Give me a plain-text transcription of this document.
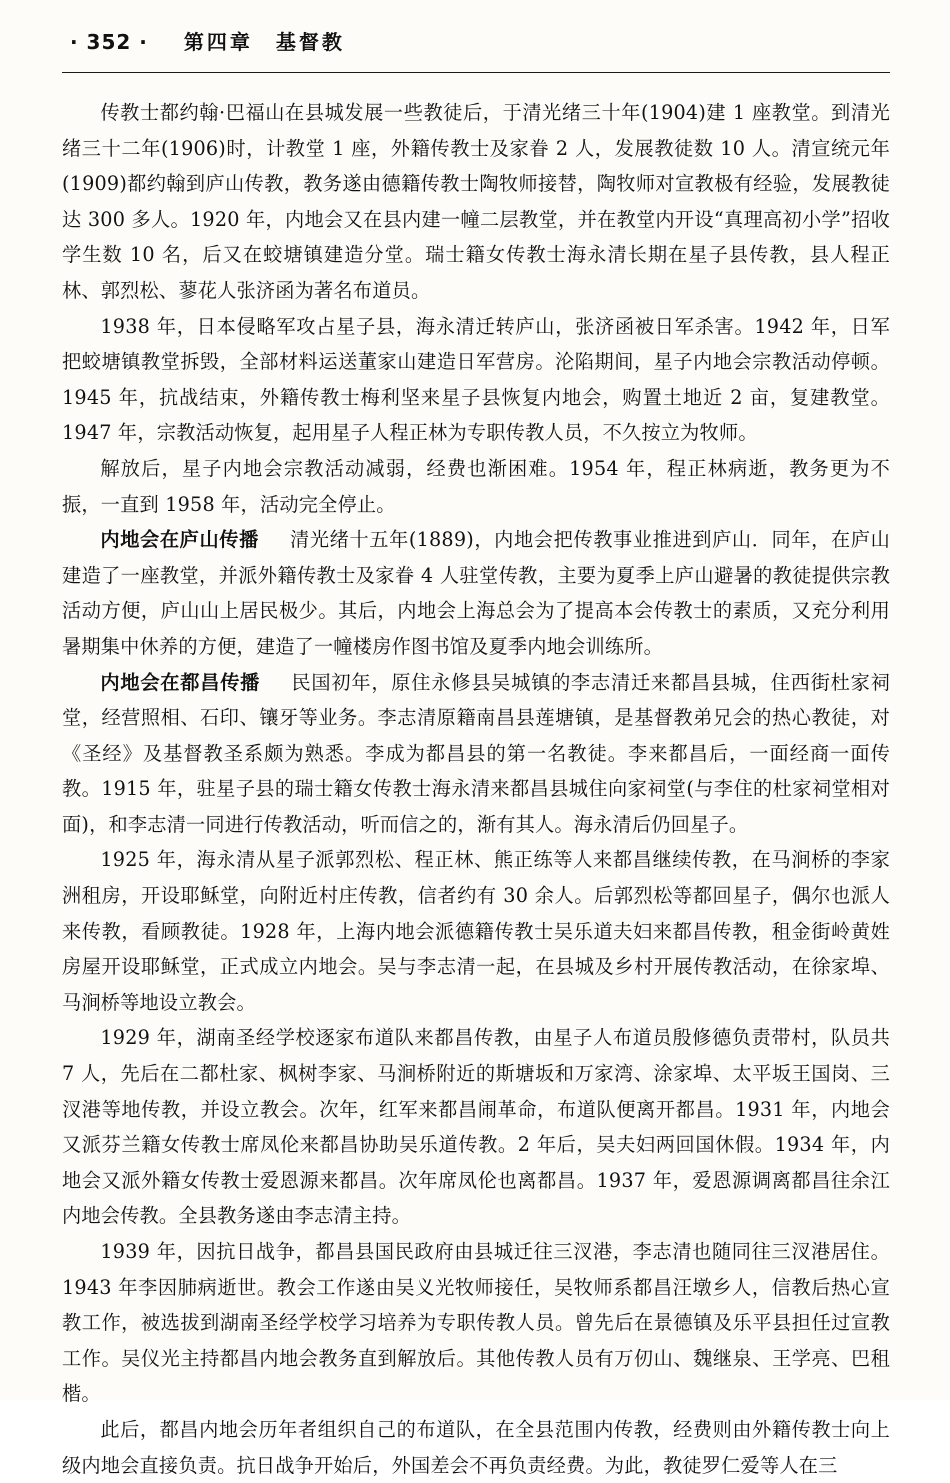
· 352 · 第四章　基督教

传教士都约翰·巴福山在县城发展一些教徒后，于清光绪三十年(1904)建 1 座教堂。到清光绪三十二年(1906)时，计教堂 1 座，外籍传教士及家眷 2 人，发展教徒数 10 人。清宣统元年(1909)都约翰到庐山传教，教务遂由德籍传教士陶牧师接替，陶牧师对宣教极有经验，发展教徒达 300 多人。1920 年，内地会又在县内建一幢二层教堂，并在教堂内开设“真理高初小学”招收学生数 10 名，后又在蛟塘镇建造分堂。瑞士籍女传教士海永清长期在星子县传教，县人程正林、郭烈松、蓼花人张济函为著名布道员。

1938 年，日本侵略军攻占星子县，海永清迁转庐山，张济函被日军杀害。1942 年，日军把蛟塘镇教堂拆毁，全部材料运送董家山建造日军营房。沦陷期间，星子内地会宗教活动停顿。1945 年，抗战结束，外籍传教士梅利坚来星子县恢复内地会，购置土地近 2 亩，复建教堂。1947 年，宗教活动恢复，起用星子人程正林为专职传教人员，不久按立为牧师。

解放后，星子内地会宗教活动减弱，经费也渐困难。1954 年，程正林病逝，教务更为不振，一直到 1958 年，活动完全停止。

内地会在庐山传播 清光绪十五年(1889)，内地会把传教事业推进到庐山．同年，在庐山建造了一座教堂，并派外籍传教士及家眷 4 人驻堂传教，主要为夏季上庐山避暑的教徒提供宗教活动方便，庐山山上居民极少。其后，内地会上海总会为了提高本会传教士的素质，又充分利用暑期集中休养的方便，建造了一幢楼房作图书馆及夏季内地会训练所。

内地会在都昌传播 民国初年，原住永修县吴城镇的李志清迁来都昌县城，住西街杜家祠堂，经营照相、石印、镶牙等业务。李志清原籍南昌县莲塘镇，是基督教弟兄会的热心教徒，对《圣经》及基督教圣系颇为熟悉。李成为都昌县的第一名教徒。李来都昌后，一面经商一面传教。1915 年，驻星子县的瑞士籍女传教士海永清来都昌县城住向家祠堂(与李住的杜家祠堂相对面)，和李志清一同进行传教活动，听而信之的，渐有其人。海永清后仍回星子。

1925 年，海永清从星子派郭烈松、程正林、熊正练等人来都昌继续传教，在马涧桥的李家洲租房，开设耶稣堂，向附近村庄传教，信者约有 30 余人。后郭烈松等都回星子，偶尔也派人来传教，看顾教徒。1928 年，上海内地会派德籍传教士吴乐道夫妇来都昌传教，租金街岭黄姓房屋开设耶稣堂，正式成立内地会。吴与李志清一起，在县城及乡村开展传教活动，在徐家埠、马涧桥等地设立教会。

1929 年，湖南圣经学校逐家布道队来都昌传教，由星子人布道员殷修德负责带村，队员共 7 人，先后在二都杜家、枫树李家、马涧桥附近的斯塘坂和万家湾、涂家埠、太平坂王国岗、三汊港等地传教，并设立教会。次年，红军来都昌闹革命，布道队便离开都昌。1931 年，内地会又派芬兰籍女传教士席凤伦来都昌协助吴乐道传教。2 年后，吴夫妇两回国休假。1934 年，内地会又派外籍女传教士爱恩源来都昌。次年席凤伦也离都昌。1937 年，爱恩源调离都昌往余江内地会传教。全县教务遂由李志清主持。

1939 年，因抗日战争，都昌县国民政府由县城迁往三汊港，李志清也随同往三汊港居住。1943 年李因肺病逝世。教会工作遂由吴义光牧师接任，吴牧师系都昌汪墩乡人，信教后热心宣教工作，被选拔到湖南圣经学校学习培养为专职传教人员。曾先后在景德镇及乐平县担任过宣教工作。吴仪光主持都昌内地会教务直到解放后。其他传教人员有万仞山、魏继泉、王学亮、巴租楷。

此后，都昌内地会历年者组织自己的布道队，在全县范围内传教，经费则由外籍传教士向上级内地会直接负责。抗日战争开始后，外国差会不再负责经费。为此，教徒罗仁爱等人在三
